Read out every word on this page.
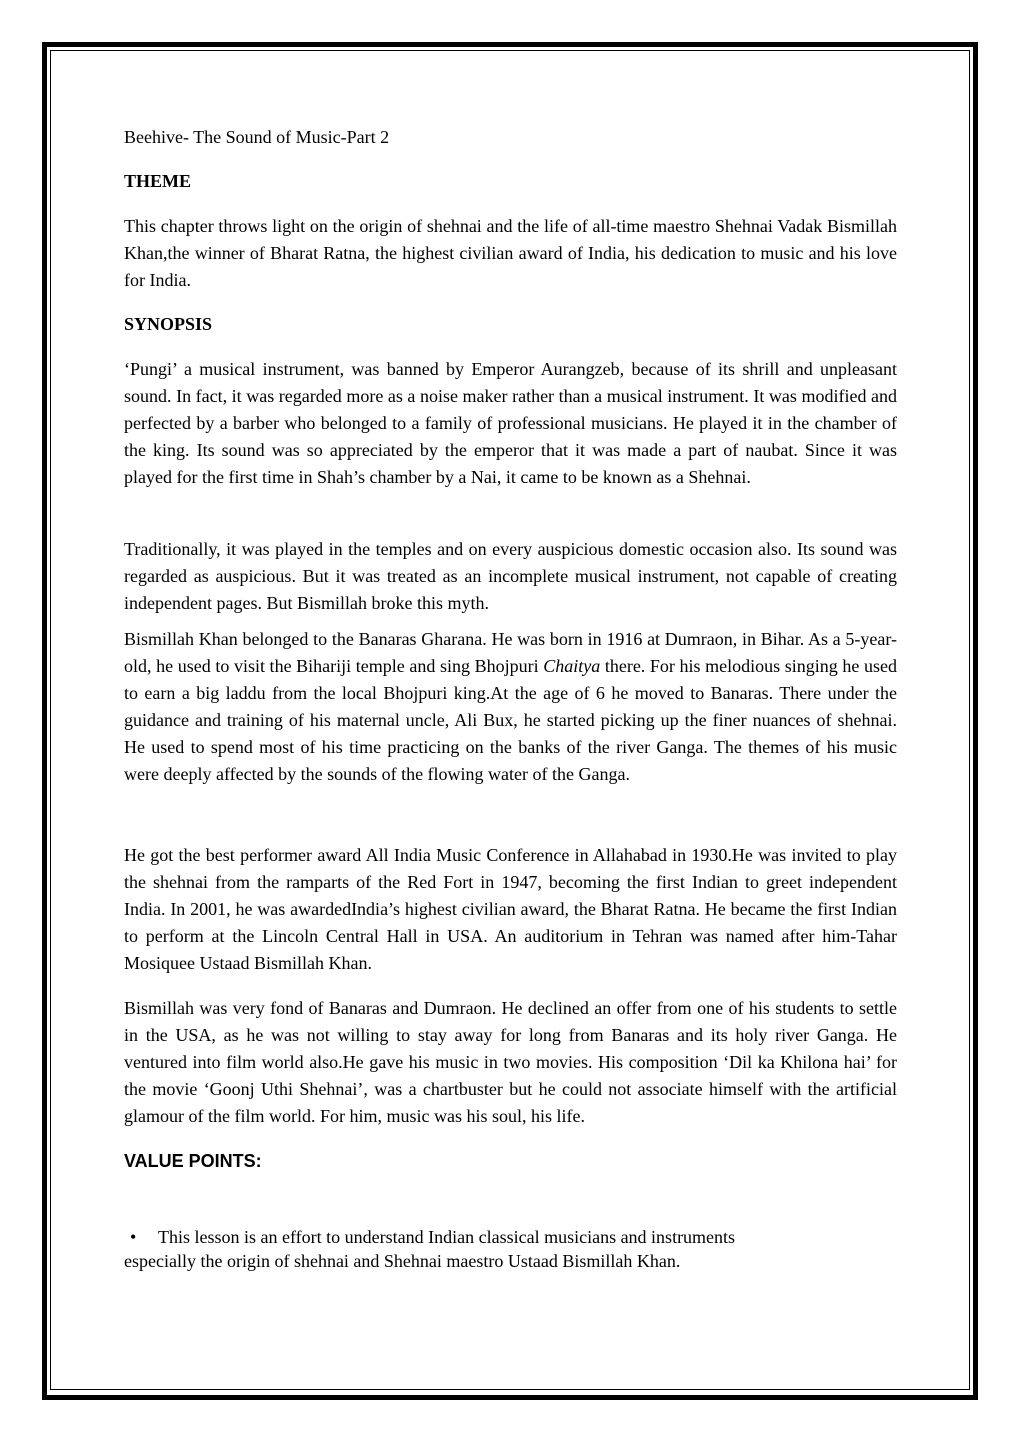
Beehive- The Sound of Music-Part 2
THEME
This chapter throws light on the origin of shehnai and the life of all-time maestro Shehnai Vadak Bismillah Khan,the winner of Bharat Ratna, the highest civilian award of India, his dedication to music and his love for India.
SYNOPSIS
‘Pungi’ a musical instrument, was banned by Emperor Aurangzeb, because of its shrill and unpleasant sound. In fact, it was regarded more as a noise maker rather than a musical instrument. It was modified and perfected by a barber who belonged to a family of professional musicians. He played it in the chamber of the king. Its sound was so appreciated by the emperor that it was made a part of naubat. Since it was played for the first time in Shah’s chamber by a Nai, it came to be known as a Shehnai.
Traditionally, it was played in the temples and on every auspicious domestic occasion also. Its sound was regarded as auspicious. But it was treated as an incomplete musical instrument, not capable of creating independent pages. But Bismillah broke this myth.
Bismillah Khan belonged to the Banaras Gharana. He was born in 1916 at Dumraon, in Bihar. As a 5-year-old, he used to visit the Bihariji temple and sing Bhojpuri Chaitya there. For his melodious singing he used to earn a big laddu from the local Bhojpuri king.At the age of 6 he moved to Banaras. There under the guidance and training of his maternal uncle, Ali Bux, he started picking up the finer nuances of shehnai. He used to spend most of his time practicing on the banks of the river Ganga. The themes of his music were deeply affected by the sounds of the flowing water of the Ganga.
He got the best performer award All India Music Conference in Allahabad in 1930.He was invited to play the shehnai from the ramparts of the Red Fort in 1947, becoming the first Indian to greet independent India. In 2001, he was awardedIndia’s highest civilian award, the Bharat Ratna. He became the first Indian to perform at the Lincoln Central Hall in USA. An auditorium in Tehran was named after him-Tahar Mosiquee Ustaad Bismillah Khan.
Bismillah was very fond of Banaras and Dumraon. He declined an offer from one of his students to settle in the USA, as he was not willing to stay away for long from Banaras and its holy river Ganga. He ventured into film world also.He gave his music in two movies. His composition ‘Dil ka Khilona hai’ for the movie ‘Goonj Uthi Shehnai’, was a chartbuster but he could not associate himself with the artificial glamour of the film world. For him, music was his soul, his life.
VALUE POINTS:
• This lesson is an effort to understand Indian classical musicians and instruments
especially the origin of shehnai and Shehnai maestro Ustaad Bismillah Khan.
